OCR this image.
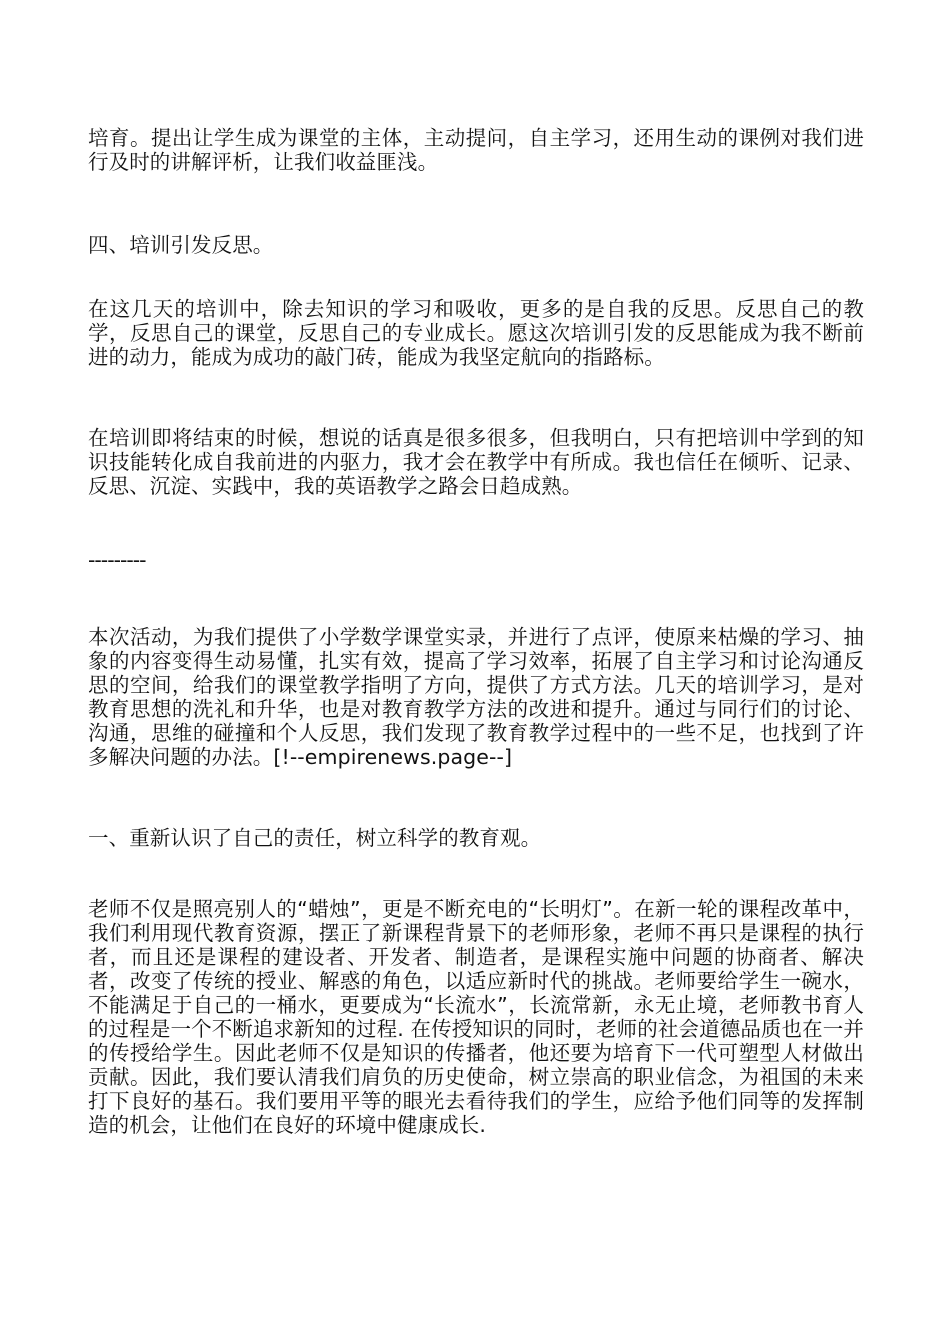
培育。提出让学生成为课堂的主体，主动提问，自主学习，还用生动的课例对我们进行及时的讲解评析，让我们收益匪浅。
四、培训引发反思。
在这几天的培训中，除去知识的学习和吸收，更多的是自我的反思。反思自己的教学，反思自己的课堂，反思自己的专业成长。愿这次培训引发的反思能成为我不断前进的动力，能成为成功的敲门砖，能成为我坚定航向的指路标。
在培训即将结束的时候，想说的话真是很多很多，但我明白，只有把培训中学到的知识技能转化成自我前进的内驱力，我才会在教学中有所成。我也信任在倾听、记录、反思、沉淀、实践中，我的英语教学之路会日趋成熟。
---------
本次活动，为我们提供了小学数学课堂实录，并进行了点评，使原来枯燥的学习、抽象的内容变得生动易懂，扎实有效，提高了学习效率，拓展了自主学习和讨论沟通反思的空间，给我们的课堂教学指明了方向，提供了方式方法。几天的培训学习，是对教育思想的洗礼和升华，也是对教育教学方法的改进和提升。通过与同行们的讨论、沟通，思维的碰撞和个人反思，我们发现了教育教学过程中的一些不足，也找到了许多解决问题的办法。[!--empirenews.page--]
一、重新认识了自己的责任，树立科学的教育观。
老师不仅是照亮别人的“蜡烛”，更是不断充电的“长明灯”。在新一轮的课程改革中，我们利用现代教育资源，摆正了新课程背景下的老师形象，老师不再只是课程的执行者，而且还是课程的建设者、开发者、制造者，是课程实施中问题的协商者、解决者，改变了传统的授业、解惑的角色，以适应新时代的挑战。老师要给学生一碗水，不能满足于自己的一桶水，更要成为“长流水”，长流常新，永无止境，老师教书育人的过程是一个不断追求新知的过程. 在传授知识的同时，老师的社会道德品质也在一并的传授给学生。因此老师不仅是知识的传播者，他还要为培育下一代可塑型人材做出贡献。因此，我们要认清我们肩负的历史使命，树立崇高的职业信念，为祖国的未来打下良好的基石。我们要用平等的眼光去看待我们的学生，应给予他们同等的发挥制造的机会，让他们在良好的环境中健康成长.
